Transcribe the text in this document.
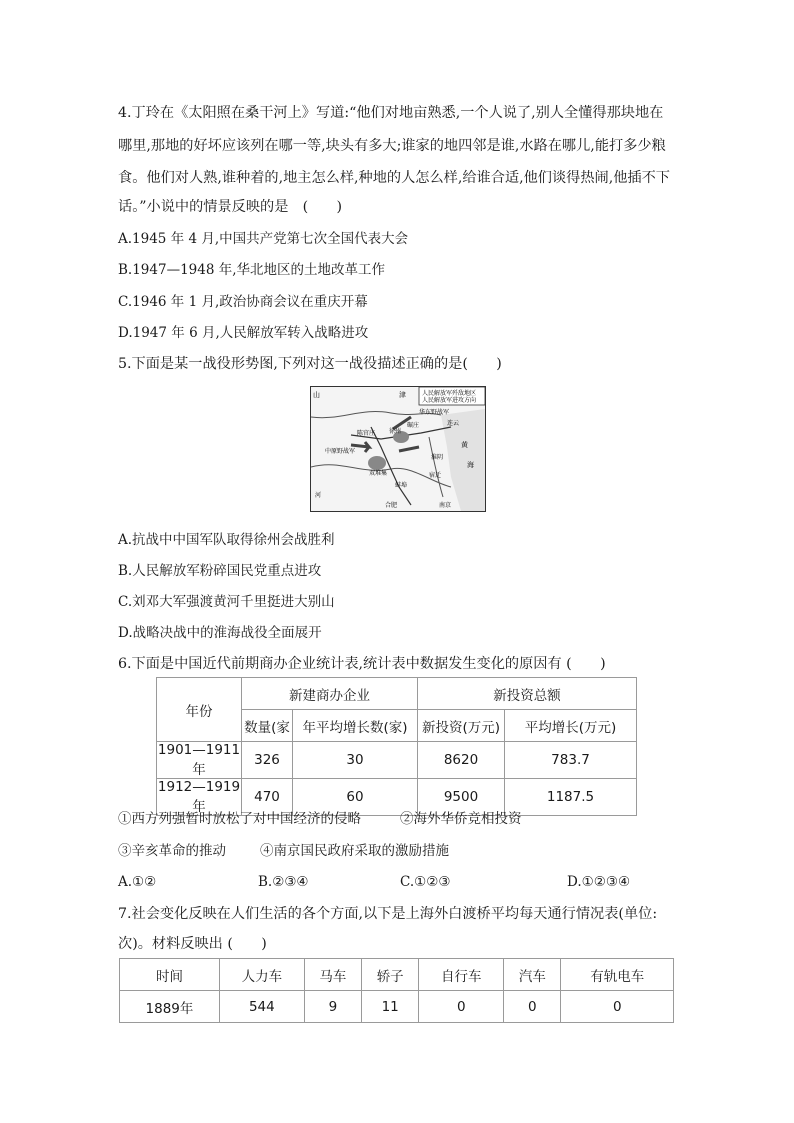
4.丁玲在《太阳照在桑干河上》写道:“他们对地亩熟悉,一个人说了,别人全懂得那块地在
哪里,那地的好坏应该列在哪一等,块头有多大;谁家的地四邻是谁,水路在哪儿,能打多少粮
食。他们对人熟,谁种着的,地主怎么样,种地的人怎么样,给谁合适,他们谈得热闹,他插不下
话。”小说中的情景反映的是　(　　)
A.1945 年 4 月,中国共产党第七次全国代表大会
B.1947—1948 年,华北地区的土地改革工作
C.1946 年 1 月,政治协商会议在重庆开幕
D.1947 年 6 月,人民解放军转入战略进攻
5.下面是某一战役形势图,下列对这一战役描述正确的是(　　)
人民解放军歼敌地区
人民解放军进攻方向
山	津
华东野战军
连云
黄
中原野战军
碾庄
徐州
陈官庄
双堆集
蚌埠
淮阴
宿迁
合肥	南京
海
河
A.抗战中中国军队取得徐州会战胜利
B.人民解放军粉碎国民党重点进攻
C.刘邓大军强渡黄河千里挺进大别山
D.战略决战中的淮海战役全面展开
6.下面是中国近代前期商办企业统计表,统计表中数据发生变化的原因有 (　　)
年份	新建商办企业		新投资总额	
	数量(家	年平均增长数(家)	新投资(万元)	平均增长(万元)
1901—1911年	326	30	8620	783.7
1912—1919年	470	60	9500	1187.5
①西方列强暂时放松了对中国经济的侵略	②海外华侨竞相投资
③辛亥革命的推动	④南京国民政府采取的激励措施
A.①②	B.②③④	C.①②③	D.①②③④
7.社会变化反映在人们生活的各个方面,以下是上海外白渡桥平均每天通行情况表(单位:
次)。材料反映出 (　　)
时间	人力车	马车	轿子	自行车	汽车	有轨电车
1889年	544	9	11	0	0	0
